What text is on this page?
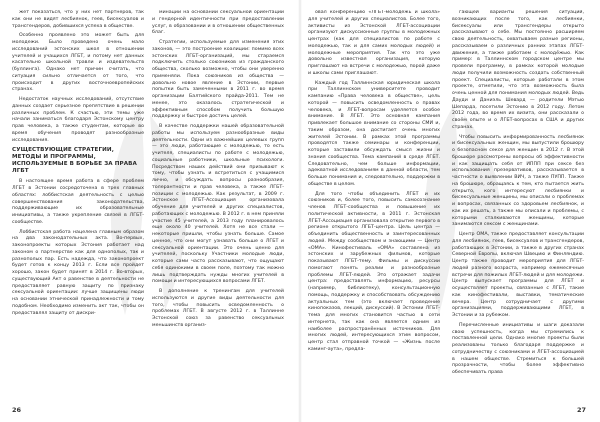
жет показаться, что у них нет партнеров, так как они не видят лесбиянок, геев, бисексуалов и трансгендеров, добившихся успеха в обществе.

Особенно проявлено это может быть для молодежи. Было проведено очень мало исследований эстонских школ в отношении учителей и учащихся ЛГБТ, и потому нет данных касательно школьной травли и издевательств (буллинга). Однако нет причин считать, что ситуация сильно отличается от того, что происходит в других восточноевропейских странах.

Недостаток научных исследований, отсутствие данных создает серьезное препятствие в решении различных проблем. К счастью, эти темы уже начали заниматься благодаря Эстонскому центру прав человека, а также студентам, которые во время обучения проводят разнообразные исследования.

СУЩЕСТВУЮЩИЕ СТРАТЕГИИ, МЕТОДЫ И ПРОГРАММЫ, ИСПОЛЬЗУЕМЫЕ В БОРЬБЕ ЗА ПРАВА ЛГБТ

В настоящее время работа в сфере проблем ЛГБТ в Эстонии сосредоточена в трех главных областях: лоббистская деятельность с целью совершенствования законодательства, поддерживающие их образовательные инициативы, а также укрепление связей в ЛГБТ-сообществе.

Лоббистская работа нацелена главным образом на два законодательных акта. Во-первых, законопроекты которых Эстония работает над законом о партнерстве как для однополых, так и разнополых пар. Есть надежда, что законопроект будет готов к концу 2013 г. Если все пройдет хорошо, закон будет принят в 2014 г. Во-вторых, существующий Акт о равенстве в деятельности не предоставляет равную защиту по признаку сексуальной ориентации: лучше защищены люди на основании этнической принадлежности и тому подобном. Необходимо изменить акт так, чтобы он предоставлял защиту от дискри-

минации на основании сексуальной ориентации и гендерной идентичности при предоставлении услуг, в образовании и в отношении общественных благ.

Стратегии, используемые для изменения этих законов, — это построение коалиции: помимо всех эстонских ЛГБТ-организаций, мы стараемся подключить столько союзников из гражданского общества, сколько возможно, чтобы они уверенно применяли. Пока союзников из общества — довольно новое явление в Эстонии, первые попытки быть замеченными в 2011 г. во время организации Балтийского прайда-2011. Тем не менее, это оказалось стратегической и эффективным способом получить большую поддержку и быстрое достичь целей.

В качестве поддержки нашей образовательной работы мы используем разнообразные виды деятельности. Одни из важнейших целевых групп — это люди, работающие с молодежью, то есть учителя, специалисты по работе с молодежью, социальные работники, школьные психологи. Посредством наших действий они призывают к тому, чтобы узнать и встретиться с учащимися лично, и обсуждать вопросы разнообразия, толерантности и прав человека, а также ЛГБТ-позиции с молодежью. Как результат, в 2009 г. Эстонское ЛГБТ-Ассоциация организовала обучение для учителей и других специалистов, работающих с молодежью. В 2012 г. в нем приняли участие 45 учителей, а 2013 году планировалось еще около 40 учителей. Хотя не все стали — некоторые пришли, чтобы узнать больше. Самое ценное, что они могут узнавать больше о ЛГБТ и сексуальной ориентации. Это очень ценно для учителей, поскольку Участники молодые люди, которые сами часто рассказывают, что ощущают себя одинокими в своем поле, поэтому так можно лишь подтверждать нужды многих учителей в помощи и интересующихся вопросами ЛГБТ.

В дополнение к тренингам для учителей используются и другие виды деятельности для того, чтобы повысить осведомленность о проблемах ЛГБТ. В августе 2012 г. в Таллинне Эстонской союз за равенство сексуальных меньшинств организ-

26

овал конференцию «ЛГБТ-молодежь и школа» для учителей и других специалистов. Более того, активисты из Эстонской ЛГБТ-ассоциации организуют дискуссионные группы в молодежных центрах (как для специалистов по работе с молодежью, так и для самих молодых людей) и молодежные мероприятия. Так что это уже довольно известная организация, которую приглашают на встречи с молодежью, порой даже и школы сами приглашают.

Каждый год Таллиннская юридическая школа при Таллиннском университете проводит кампанию «Права человека в обществе», цель которой — повысить осведомленность о правах человека, и ЛГБТ-вопросам уделяется особое внимание. В ЛГБТ. Это основная кампания привлекает большое внимание со стороны СМИ и, таким образом, она достигает очень многих жителей Эстонии. В рамках этой программы проводятся также семинары и конференции, которые заставили обсуждать смысл жизни и знания сообщества. Тема кампаний в среде ЛГБТ. Следовательно, чем больше информации, адекватной исследованиям в данной области, тем больше понимания и, следовательно, поддержки в обществе в целом.

Для того чтобы объединить ЛГБТ и их союзников и, более того, повысить самосознание членов ЛГБТ-сообщества и повышение их политической активности, в 2011 г. Эстонская ЛГБТ-Ассоциация организовала открытие первого в регионе открытого ЛГБТ-центра. Цель центра — объединить общественность и заинтересованных людей. Между сообществом и знающими — Центр «ОМА». Кинофестиваль «ОМА» составлена из эстонских и зарубежных фильмов, которые показывают ЛГБТ-тему. Фильмы и дискуссии помогают понять реалии и разнообразные проблемы ЛГБТ-людей. Это отражает задачи центра: предоставлять информацию, ресурсы (например, библиотеку), консультационную помощь, поддержку и способствовать обсуждению актуальных тем (это включает проведение кинопоказов, лекций, дискуссий). В Эстонии ЛГБТ-тема для многих становится частью в сети интернета, так как она является одним из наиболее распространённых источников. Для многих людей, интересующихся этим вопросом, центр стал отправной точкой — «Жизнь после каминг-аута», предла-

гающей варианты решения ситуаций, возникающих после того, как лесбиянки, бисексуалы или трансгендеры открыто рассказывают о себе. Мы постоянно расширяем свою деятельность, охватываем разные регионы, рассказываем о различных ранних этапах ЛГБТ-движения, а также работаем с молодёжью. Как пример: в Таллиннском городском центре мы провели программу, в рамках которой молодые люди получили возможность создать собственный проект. Специалисты, которые работали в этом проекте, отметили, что эта возможность была очень ценной для понимания молодых людей. Ведь Дауди и Даниэль Шевард — родители Мэтью Шепарда, посетили Эстонию в 2012 году. Летом 2012 года, во время их визита, они рассказали о своём опыте и о ЛГБТ-вопросах в США и других странах.

Чтобы повысить информированность лесбиянок и бисексуальных женщин, мы выпустили брошюру о безопасном сексе для женщин в 2012 г. В этой брошюре рассмотрены вопросы об эффективности и как защищать себя от ИППП при сексе без использования презервативов, рассказывается в частности о выявлении ВИЧ, а также ПУПП. Также на брошюре, обращаясь к тем, кто пытается жить открыто, кого интересуют лесбиянки и бисексуальные женщины, мы описали о проблемах и вопросах, связанных со здоровьем лесбиянок, и как их решать, а также мы описали и проблемы, с которыми сталкиваются женщины, которые занимаются сексом с женщинами.

Центр ОМА, также предоставляет консультации для лесбиянок, геев, бисексуалов и трансгендеров, работающих в Эстонии, а также в других странах Северной Европы, включая Швецию и Финляндию. Центр также проводит мероприятия для ЛГБТ-людей разного возраста, например ежемесячные встречи для пожилых ЛГБТ-людей и для молодежи. Центр выпускает программы для ЛГБТ и осуществляет проекты, связанные с ЛГБТ, такие как кинофестивали, выставки, тематические вечера. Центр сотрудничает с другими организациями, поддерживающими ЛГБТ, в Эстонии и за рубежом.

Перечисленные инициативы и шаги доказали свою успешность, когда мы стремились к поставленной цели. Однако многие проекты были реализованы только благодаря поддержке и сотрудничеству с союзниками и ЛГБТ-ассоциацией в нашем обществе. Стремиться к большей прозрачности, чтобы более эффективно обеспечивать права

27
